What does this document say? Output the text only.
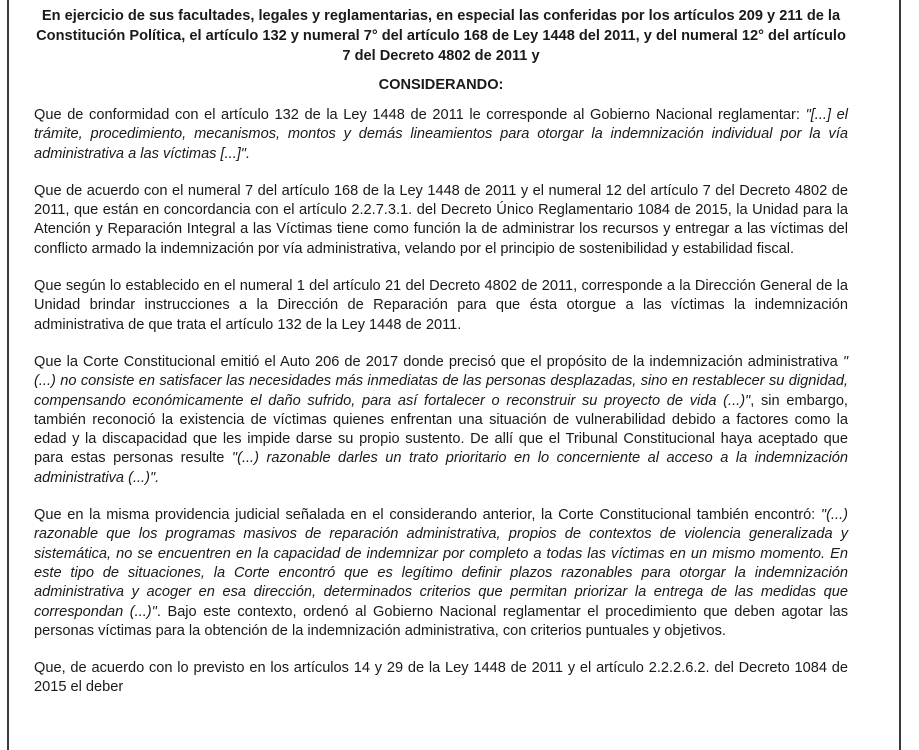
En ejercicio de sus facultades, legales y reglamentarias, en especial las conferidas por los artículos 209 y 211 de la Constitución Política, el artículo 132 y numeral 7° del artículo 168 de Ley 1448 del 2011, y del numeral 12° del artículo 7 del Decreto 4802 de 2011 y

CONSIDERANDO:

Que de conformidad con el artículo 132 de la Ley 1448 de 2011 le corresponde al Gobierno Nacional reglamentar: "[...] el trámite, procedimiento, mecanismos, montos y demás lineamientos para otorgar la indemnización individual por la vía administrativa a las víctimas [...]".

Que de acuerdo con el numeral 7 del artículo 168 de la Ley 1448 de 2011 y el numeral 12 del artículo 7 del Decreto 4802 de 2011, que están en concordancia con el artículo 2.2.7.3.1. del Decreto Único Reglamentario 1084 de 2015, la Unidad para la Atención y Reparación Integral a las Víctimas tiene como función la de administrar los recursos y entregar a las víctimas del conflicto armado la indemnización por vía administrativa, velando por el principio de sostenibilidad y estabilidad fiscal.

Que según lo establecido en el numeral 1 del artículo 21 del Decreto 4802 de 2011, corresponde a la Dirección General de la Unidad brindar instrucciones a la Dirección de Reparación para que ésta otorgue a las víctimas la indemnización administrativa de que trata el artículo 132 de la Ley 1448 de 2011.

Que la Corte Constitucional emitió el Auto 206 de 2017 donde precisó que el propósito de la indemnización administrativa "(...) no consiste en satisfacer las necesidades más inmediatas de las personas desplazadas, sino en restablecer su dignidad, compensando económicamente el daño sufrido, para así fortalecer o reconstruir su proyecto de vida (...)", sin embargo, también reconoció la existencia de víctimas quienes enfrentan una situación de vulnerabilidad debido a factores como la edad y la discapacidad que les impide darse su propio sustento. De allí que el Tribunal Constitucional haya aceptado que para estas personas resulte "(...) razonable darles un trato prioritario en lo concerniente al acceso a la indemnización administrativa (...)".

Que en la misma providencia judicial señalada en el considerando anterior, la Corte Constitucional también encontró: "(...) razonable que los programas masivos de reparación administrativa, propios de contextos de violencia generalizada y sistemática, no se encuentren en la capacidad de indemnizar por completo a todas las víctimas en un mismo momento. En este tipo de situaciones, la Corte encontró que es legítimo definir plazos razonables para otorgar la indemnización administrativa y acoger en esa dirección, determinados criterios que permitan priorizar la entrega de las medidas que correspondan (...)". Bajo este contexto, ordenó al Gobierno Nacional reglamentar el procedimiento que deben agotar las personas víctimas para la obtención de la indemnización administrativa, con criterios puntuales y objetivos.

Que, de acuerdo con lo previsto en los artículos 14 y 29 de la Ley 1448 de 2011 y el artículo 2.2.2.6.2. del Decreto 1084 de 2015 el deber
